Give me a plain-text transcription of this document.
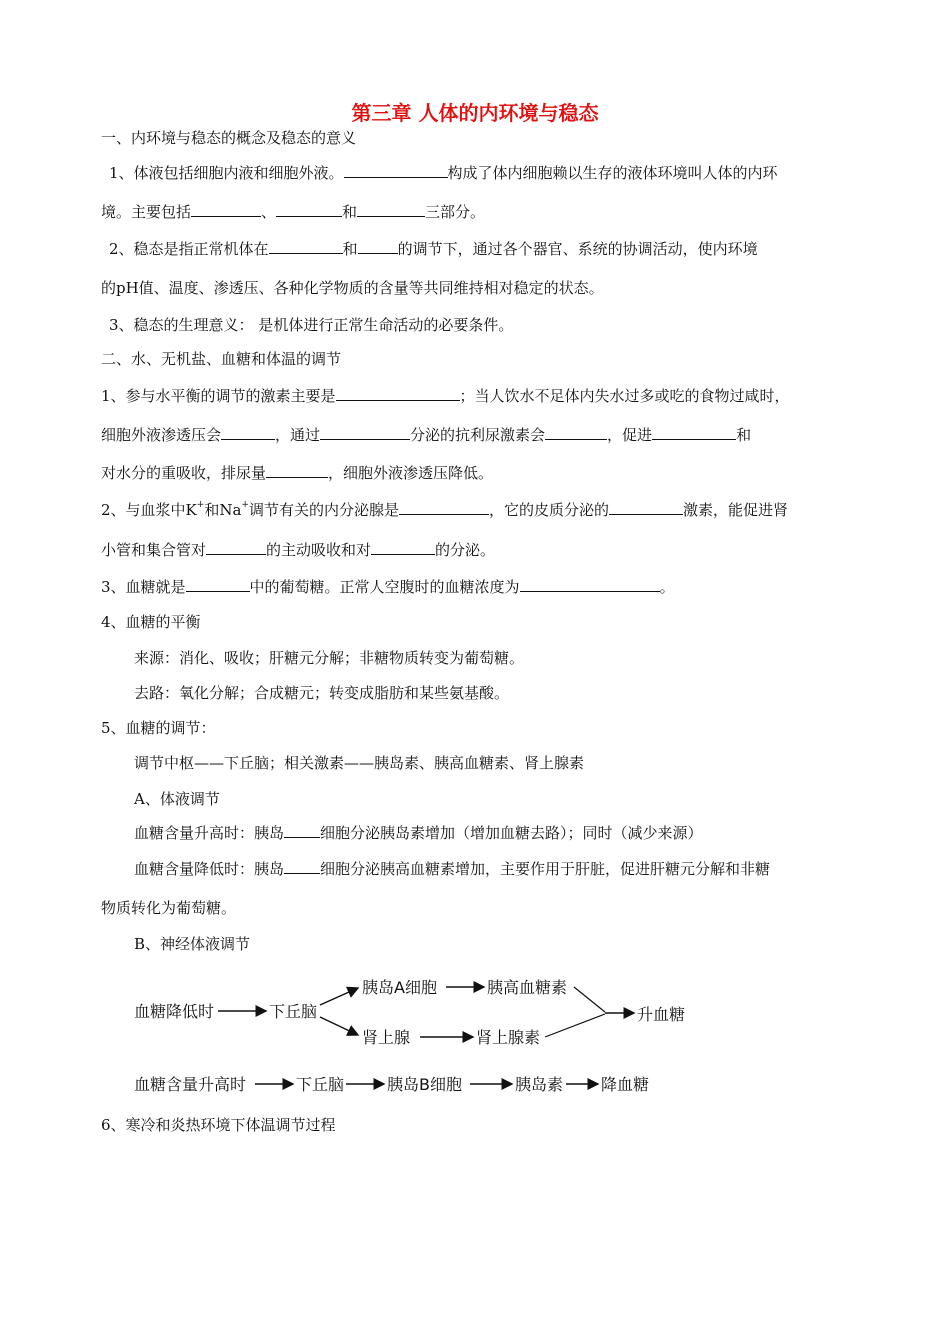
第三章 人体的内环境与稳态
一、内环境与稳态的概念及稳态的意义
1、体液包括细胞内液和细胞外液。	构成了体内细胞赖以生存的液体环境叫人体的内环
境。主要包括	、	和	三部分。
2、稳态是指正常机体在	和	的调节下，通过各个器官、系统的协调活动，使内环境
的pH值、温度、渗透压、各种化学物质的含量等共同维持相对稳定的状态。
3、稳态的生理意义： 是机体进行正常生命活动的必要条件。
二、水、无机盐、血糖和体温的调节
1、参与水平衡的调节的激素主要是	；当人饮水不足体内失水过多或吃的食物过咸时，
细胞外液渗透压会	，通过	分泌的抗利尿激素会	，促进	和
对水分的重吸收，排尿量	，细胞外液渗透压降低。
2、与血浆中K+和Na+调节有关的内分泌腺是	，它的皮质分泌的	激素，能促进肾
小管和集合管对	的主动吸收和对	的分泌。
3、血糖就是	中的葡萄糖。正常人空腹时的血糖浓度为	。
4、血糖的平衡
来源：消化、吸收；肝糖元分解；非糖物质转变为葡萄糖。
去路：氧化分解；合成糖元；转变成脂肪和某些氨基酸。
5、血糖的调节：
调节中枢——下丘脑；相关激素——胰岛素、胰高血糖素、肾上腺素
A、体液调节
血糖含量升高时：胰岛 细胞分泌胰岛素增加（增加血糖去路）；同时（减少来源）
血糖含量降低时：胰岛 细胞分泌胰高血糖素增加，主要作用于肝脏，促进肝糖元分解和非糖
物质转化为葡萄糖。
B、神经体液调节
血糖降低时	下丘脑
胰岛A细胞	胰高血糖素
肾上腺	肾上腺素
升血糖
血糖含量升高时	下丘脑	胰岛B细胞	胰岛素 降血糖
6、寒冷和炎热环境下体温调节过程
